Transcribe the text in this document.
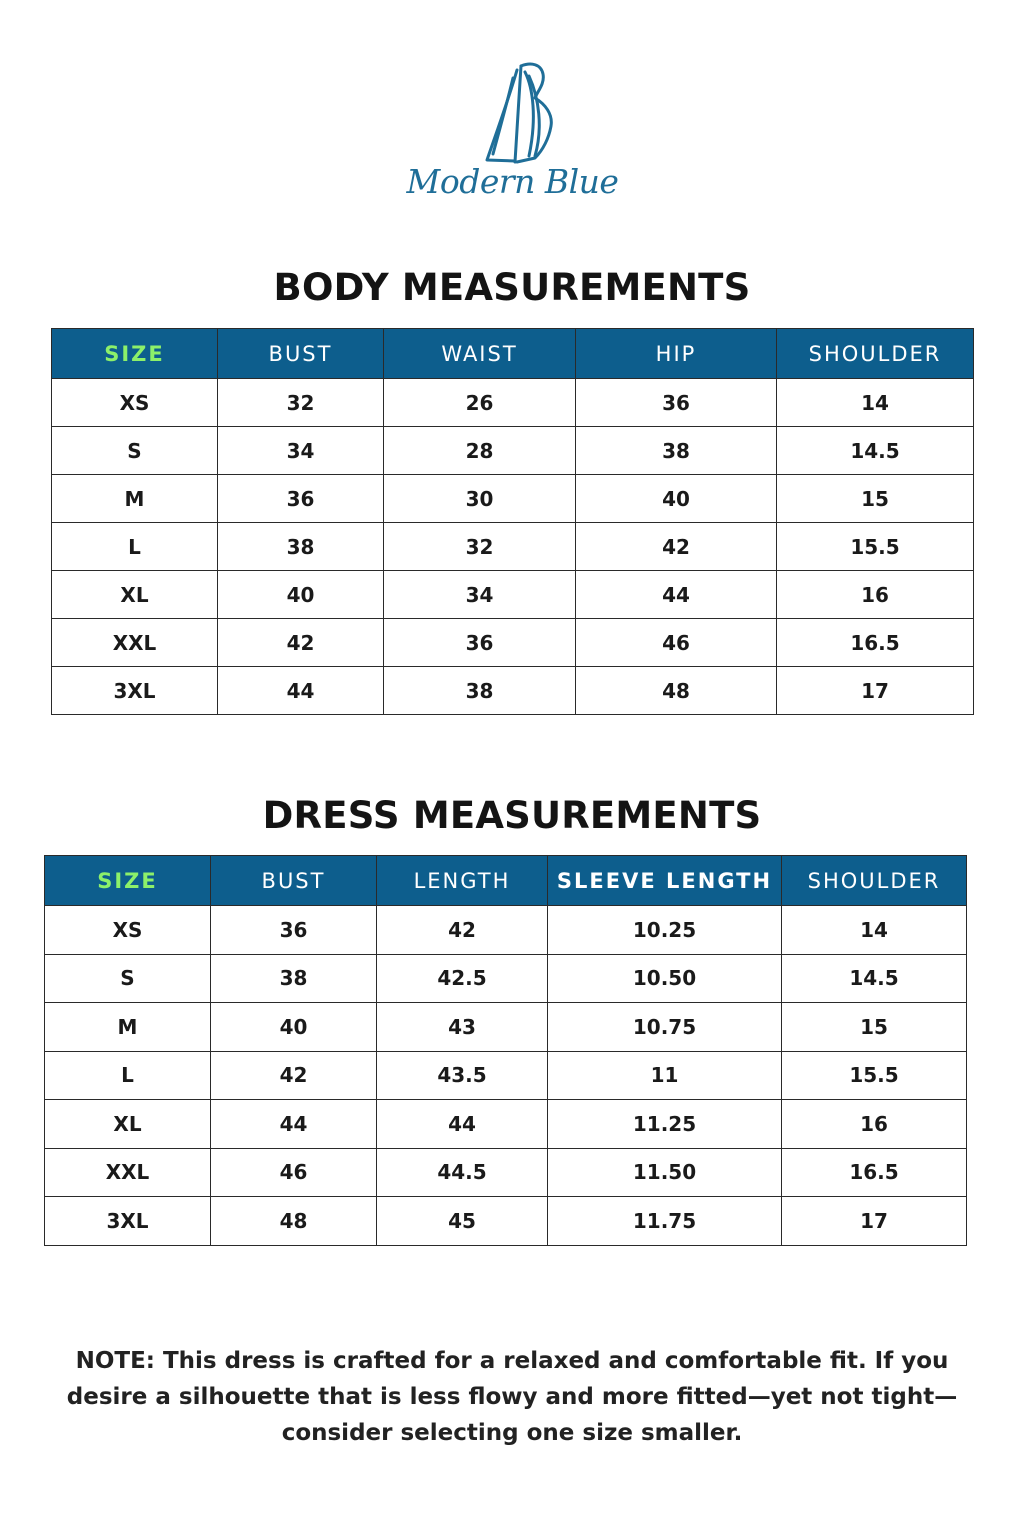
Modern Blue
BODY MEASUREMENTS
SIZE	BUST	WAIST	HIP	SHOULDER
XS	32	26	36	14
S	34	28	38	14.5
M	36	30	40	15
L	38	32	42	15.5
XL	40	34	44	16
XXL	42	36	46	16.5
3XL	44	38	48	17
DRESS MEASUREMENTS
SIZE	BUST	LENGTH	SLEEVE LENGTH	SHOULDER
XS	36	42	10.25	14
S	38	42.5	10.50	14.5
M	40	43	10.75	15
L	42	43.5	11	15.5
XL	44	44	11.25	16
XXL	46	44.5	11.50	16.5
3XL	48	45	11.75	17

NOTE: This dress is crafted for a relaxed and comfortable fit. If you desire a silhouette that is less flowy and more fitted—yet not tight—consider selecting one size smaller.
